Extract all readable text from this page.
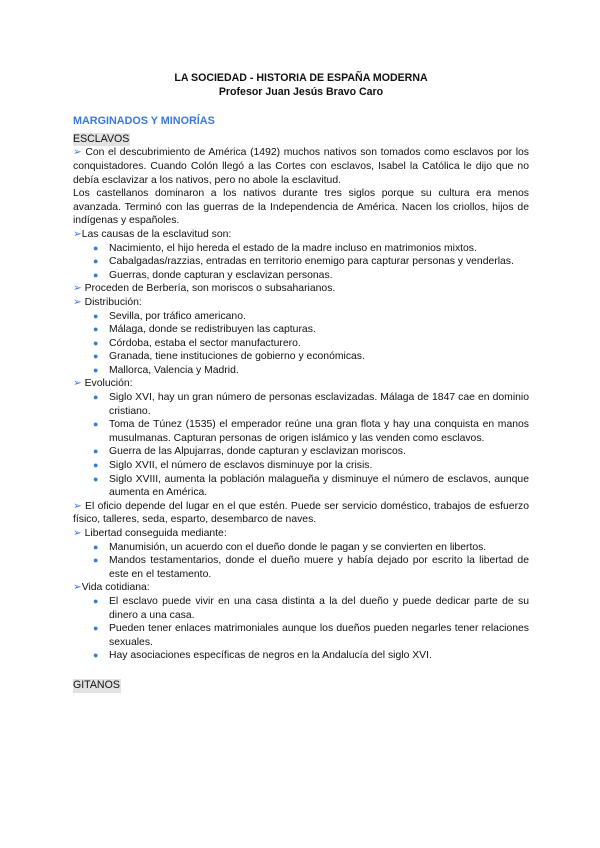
LA SOCIEDAD - HISTORIA DE ESPAÑA MODERNA
Profesor Juan Jesús Bravo Caro
MARGINADOS Y MINORÍAS
ESCLAVOS

➢ Con el descubrimiento de América (1492) muchos nativos son tomados como esclavos por los conquistadores. Cuando Colón llegó a las Cortes con esclavos, Isabel la Católica le dijo que no debía esclavizar a los nativos, pero no abole la esclavitud.

Los castellanos dominaron a los nativos durante tres siglos porque su cultura era menos avanzada. Terminó con las guerras de la Independencia de América. Nacen los criollos, hijos de indígenas y españoles.

➢Las causas de la esclavitud son:

● Nacimiento, el hijo hereda el estado de la madre incluso en matrimonios mixtos.
● Cabalgadas/razzias, entradas en territorio enemigo para capturar personas y venderlas.
● Guerras, donde capturan y esclavizan personas.

➢ Proceden de Berbería, son moriscos o subsaharianos.

➢ Distribución:

● Sevilla, por tráfico americano.
● Málaga, donde se redistribuyen las capturas.
● Córdoba, estaba el sector manufacturero.
● Granada, tiene instituciones de gobierno y económicas.
● Mallorca, Valencia y Madrid.

➢ Evolución:

● Siglo XVI, hay un gran número de personas esclavizadas. Málaga de 1847 cae en dominio cristiano.
● Toma de Túnez (1535) el emperador reúne una gran flota y hay una conquista en manos musulmanas. Capturan personas de origen islámico y las venden como esclavos.
● Guerra de las Alpujarras, donde capturan y esclavizan moriscos.
● Siglo XVII, el número de esclavos disminuye por la crisis.
● Siglo XVIII, aumenta la población malagueña y disminuye el número de esclavos, aunque aumenta en América.

➢ El oficio depende del lugar en el que estén. Puede ser servicio doméstico, trabajos de esfuerzo físico, talleres, seda, esparto, desembarco de naves.

➢ Libertad conseguida mediante:

● Manumisión, un acuerdo con el dueño donde le pagan y se convierten en libertos.
● Mandos testamentarios, donde el dueño muere y había dejado por escrito la libertad de este en el testamento.

➢Vida cotidiana:

● El esclavo puede vivir en una casa distinta a la del dueño y puede dedicar parte de su dinero a una casa.
● Pueden tener enlaces matrimoniales aunque los dueños pueden negarles tener relaciones sexuales.
● Hay asociaciones específicas de negros en la Andalucía del siglo XVI.
GITANOS
